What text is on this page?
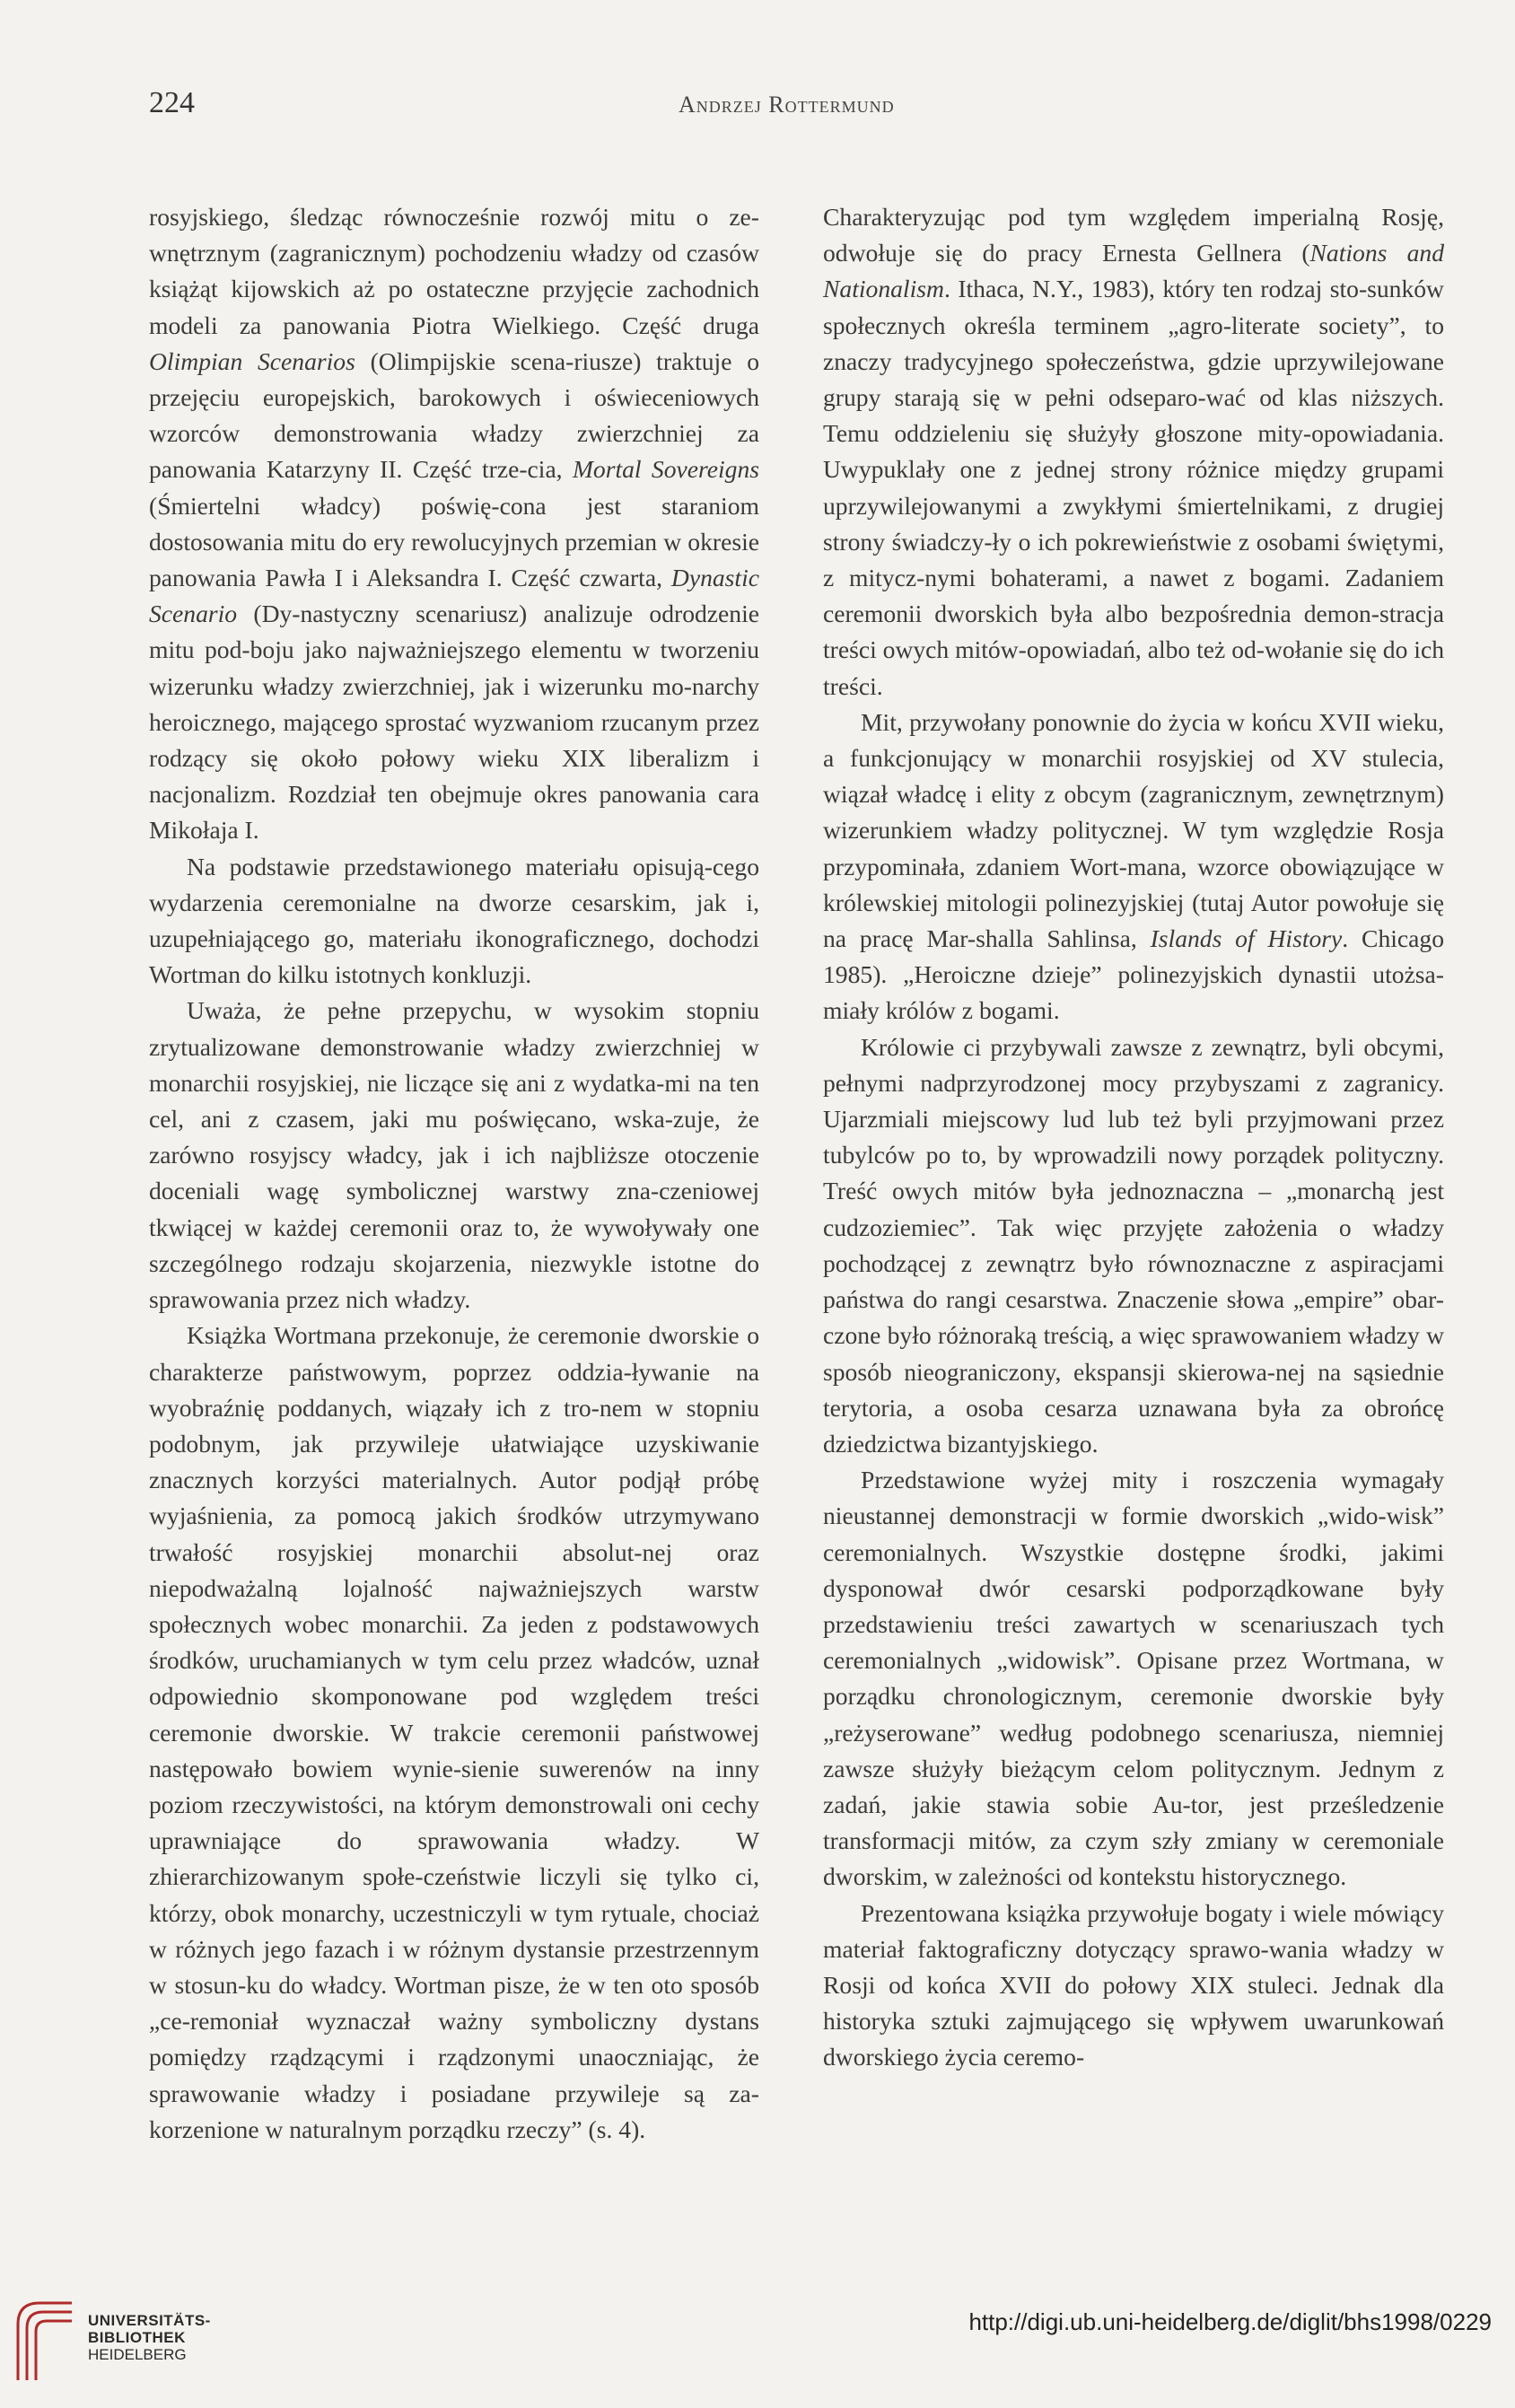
224	Andrzej Rottermund

rosyjskiego, śledząc równocześnie rozwój mitu o ze-wnętrznym (zagranicznym) pochodzeniu władzy od czasów książąt kijowskich aż po ostateczne przyjęcie zachodnich modeli za panowania Piotra Wielkiego. Część druga Olimpian Scenarios (Olimpijskie scena-riusze) traktuje o przejęciu europejskich, barokowych i oświeceniowych wzorców demonstrowania władzy zwierzchniej za panowania Katarzyny II. Część trze-cia, Mortal Sovereigns (Śmiertelni władcy) poświę-cona jest staraniom dostosowania mitu do ery rewolucyjnych przemian w okresie panowania Pawła I i Aleksandra I. Część czwarta, Dynastic Scenario (Dy-nastyczny scenariusz) analizuje odrodzenie mitu pod-boju jako najważniejszego elementu w tworzeniu wizerunku władzy zwierzchniej, jak i wizerunku mo-narchy heroicznego, mającego sprostać wyzwaniom rzucanym przez rodzący się około połowy wieku XIX liberalizm i nacjonalizm. Rozdział ten obejmuje okres panowania cara Mikołaja I.

Na podstawie przedstawionego materiału opisują-cego wydarzenia ceremonialne na dworze cesarskim, jak i, uzupełniającego go, materiału ikonograficznego, dochodzi Wortman do kilku istotnych konkluzji.

Uważa, że pełne przepychu, w wysokim stopniu zrytualizowane demonstrowanie władzy zwierzchniej w monarchii rosyjskiej, nie liczące się ani z wydatka-mi na ten cel, ani z czasem, jaki mu poświęcano, wska-zuje, że zarówno rosyjscy władcy, jak i ich najbliższe otoczenie doceniali wagę symbolicznej warstwy zna-czeniowej tkwiącej w każdej ceremonii oraz to, że wywoływały one szczególnego rodzaju skojarzenia, niezwykle istotne do sprawowania przez nich władzy.

Książka Wortmana przekonuje, że ceremonie dworskie o charakterze państwowym, poprzez oddzia-ływanie na wyobraźnię poddanych, wiązały ich z tro-nem w stopniu podobnym, jak przywileje ułatwiające uzyskiwanie znacznych korzyści materialnych. Autor podjął próbę wyjaśnienia, za pomocą jakich środków utrzymywano trwałość rosyjskiej monarchii absolut-nej oraz niepodważalną lojalność najważniejszych warstw społecznych wobec monarchii. Za jeden z podstawowych środków, uruchamianych w tym celu przez władców, uznał odpowiednio skomponowane pod względem treści ceremonie dworskie. W trakcie ceremonii państwowej następowało bowiem wynie-sienie suwerenów na inny poziom rzeczywistości, na którym demonstrowali oni cechy uprawniające do sprawowania władzy. W zhierarchizowanym społe-czeństwie liczyli się tylko ci, którzy, obok monarchy, uczestniczyli w tym rytuale, chociaż w różnych jego fazach i w różnym dystansie przestrzennym w stosun-ku do władcy. Wortman pisze, że w ten oto sposób „ce-remoniał wyznaczał ważny symboliczny dystans pomiędzy rządzącymi i rządzonymi unaoczniając, że sprawowanie władzy i posiadane przywileje są za-korzenione w naturalnym porządku rzeczy” (s. 4).

Charakteryzując pod tym względem imperialną Rosję, odwołuje się do pracy Ernesta Gellnera (Nations and Nationalism. Ithaca, N.Y., 1983), który ten rodzaj sto-sunków społecznych określa terminem „agro-literate society”, to znaczy tradycyjnego społeczeństwa, gdzie uprzywilejowane grupy starają się w pełni odseparo-wać od klas niższych. Temu oddzieleniu się służyły głoszone mity-opowiadania. Uwypuklały one z jednej strony różnice między grupami uprzywilejowanymi a zwykłymi śmiertelnikami, z drugiej strony świadczy-ły o ich pokrewieństwie z osobami świętymi, z mitycz-nymi bohaterami, a nawet z bogami. Zadaniem ceremonii dworskich była albo bezpośrednia demon-stracja treści owych mitów-opowiadań, albo też od-wołanie się do ich treści.

Mit, przywołany ponownie do życia w końcu XVII wieku, a funkcjonujący w monarchii rosyjskiej od XV stulecia, wiązał władcę i elity z obcym (zagranicznym, zewnętrznym) wizerunkiem władzy politycznej. W tym względzie Rosja przypominała, zdaniem Wort-mana, wzorce obowiązujące w królewskiej mitologii polinezyjskiej (tutaj Autor powołuje się na pracę Mar-shalla Sahlinsa, Islands of History. Chicago 1985). „Heroiczne dzieje” polinezyjskich dynastii utożsa-miały królów z bogami.

Królowie ci przybywali zawsze z zewnątrz, byli obcymi, pełnymi nadprzyrodzonej mocy przybyszami z zagranicy. Ujarzmiali miejscowy lud lub też byli przyjmowani przez tubylców po to, by wprowadzili nowy porządek polityczny. Treść owych mitów była jednoznaczna – „monarchą jest cudzoziemiec”. Tak więc przyjęte założenia o władzy pochodzącej z zewnątrz było równoznaczne z aspiracjami państwa do rangi cesarstwa. Znaczenie słowa „empire” obar-czone było różnoraką treścią, a więc sprawowaniem władzy w sposób nieograniczony, ekspansji skierowa-nej na sąsiednie terytoria, a osoba cesarza uznawana była za obrońcę dziedzictwa bizantyjskiego.

Przedstawione wyżej mity i roszczenia wymagały nieustannej demonstracji w formie dworskich „wido-wisk” ceremonialnych. Wszystkie dostępne środki, jakimi dysponował dwór cesarski podporządkowane były przedstawieniu treści zawartych w scenariuszach tych ceremonialnych „widowisk”. Opisane przez Wortmana, w porządku chronologicznym, ceremonie dworskie były „reżyserowane” według podobnego scenariusza, niemniej zawsze służyły bieżącym celom politycznym. Jednym z zadań, jakie stawia sobie Au-tor, jest prześledzenie transformacji mitów, za czym szły zmiany w ceremoniale dworskim, w zależności od kontekstu historycznego.

Prezentowana książka przywołuje bogaty i wiele mówiący materiał faktograficzny dotyczący sprawo-wania władzy w Rosji od końca XVII do połowy XIX stuleci. Jednak dla historyka sztuki zajmującego się wpływem uwarunkowań dworskiego życia ceremo-

UNIVERSITÄTS-
BIBLIOTHEK
HEIDELBERG
http://digi.ub.uni-heidelberg.de/diglit/bhs1998/0229
